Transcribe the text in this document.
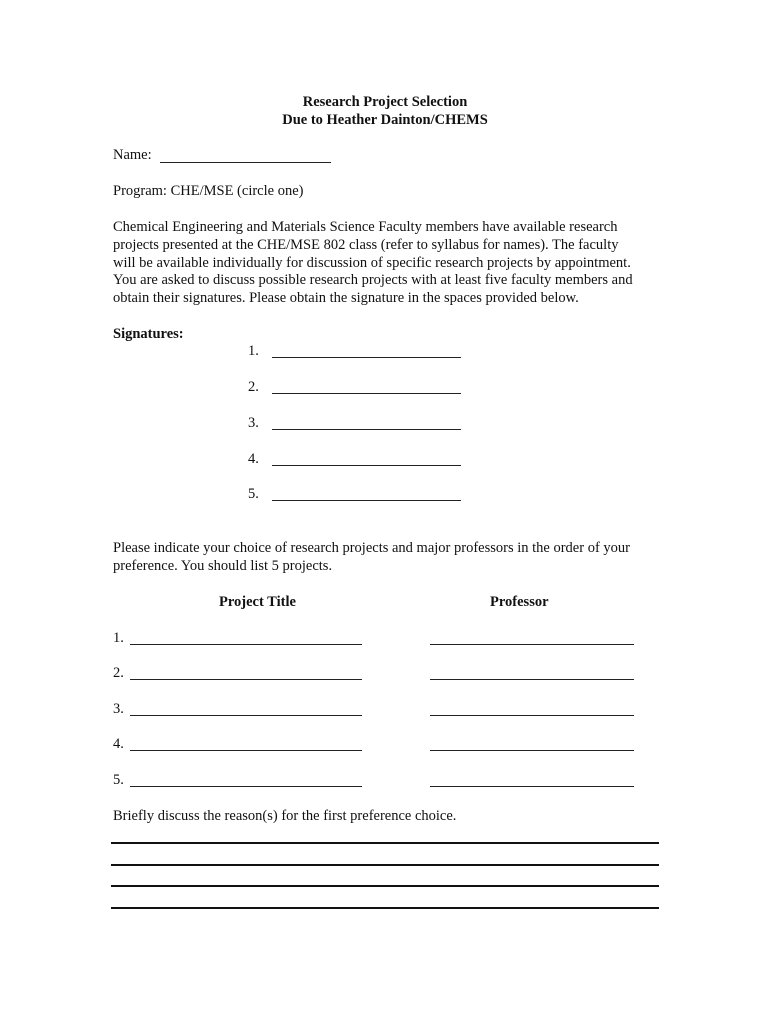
Research Project Selection
Due to Heather Dainton/CHEMS
Name:
Program: CHE/MSE (circle one)
Chemical Engineering and Materials Science Faculty members have available research
projects presented at the CHE/MSE 802 class (refer to syllabus for names). The faculty
will be available individually for discussion of specific research projects by appointment.
You are asked to discuss possible research projects with at least five faculty members and
obtain their signatures. Please obtain the signature in the spaces provided below.
Signatures:
1.
2.
3.
4.
5.
Please indicate your choice of research projects and major professors in the order of your
preference. You should list 5 projects.
Project Title	Professor
1.
2.
3.
4.
5.
Briefly discuss the reason(s) for the first preference choice.
